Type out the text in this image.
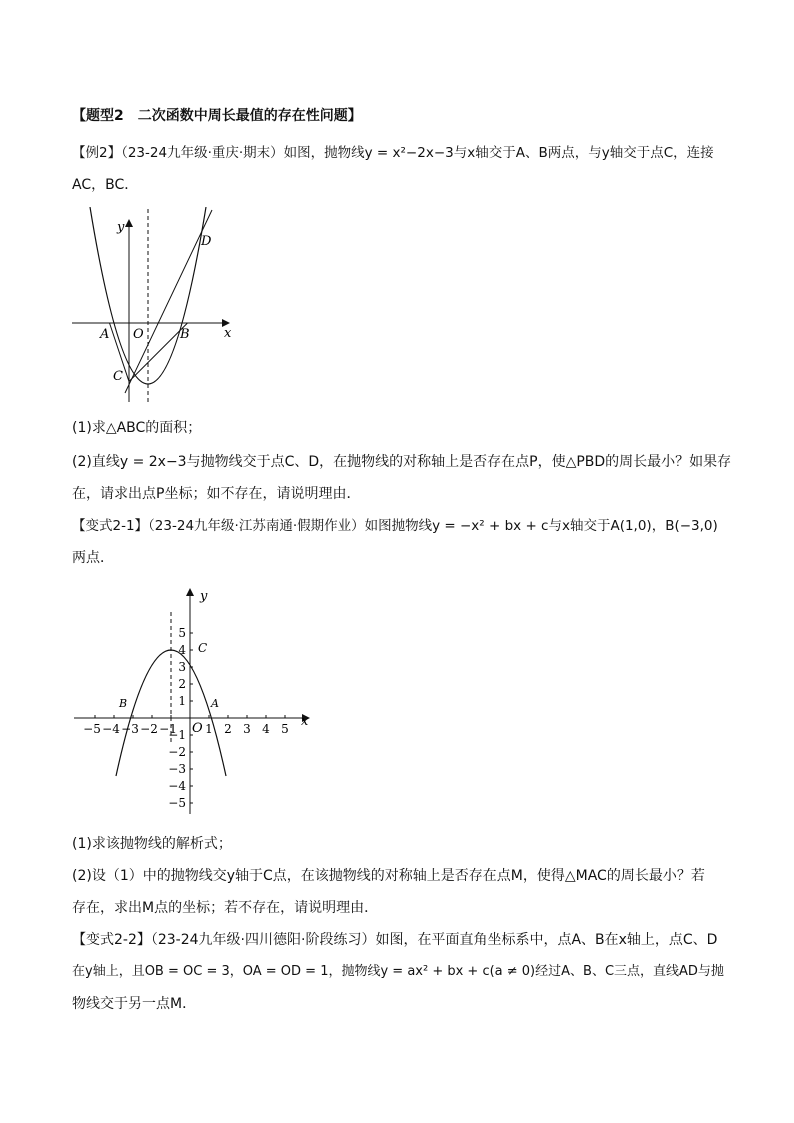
【题型2　二次函数中周长最值的存在性问题】
【例2】（23-24九年级·重庆·期末）如图，抛物线y = x²−2x−3与x轴交于A、B两点，与y轴交于点C，连接
AC，BC．
y
x
O
A	B
C
D
(1)求△ABC的面积；
(2)直线y = 2x−3与抛物线交于点C、D，在抛物线的对称轴上是否存在点P，使△PBD的周长最小？如果存
在，请求出点P坐标；如不存在，请说明理由．
【变式2-1】（23-24九年级·江苏南通·假期作业）如图抛物线y = −x² + bx + c与x轴交于A(1,0)，B(−3,0)
两点．
−5 −4 −3 −2 −1 1 2 3 4 5
5
4
3
2
1
−1
−2
−3
−4
−5
y
x
O
B	A
C
(1)求该抛物线的解析式；
(2)设（1）中的抛物线交y轴于C点，在该抛物线的对称轴上是否存在点M，使得△MAC的周长最小？若
存在，求出M点的坐标；若不存在，请说明理由．
【变式2-2】（23-24九年级·四川德阳·阶段练习）如图，在平面直角坐标系中，点A、B在x轴上，点C、D
在y轴上，且OB = OC = 3，OA = OD = 1，抛物线y = ax² + bx + c(a ≠ 0)经过A、B、C三点，直线AD与抛
物线交于另一点M．
